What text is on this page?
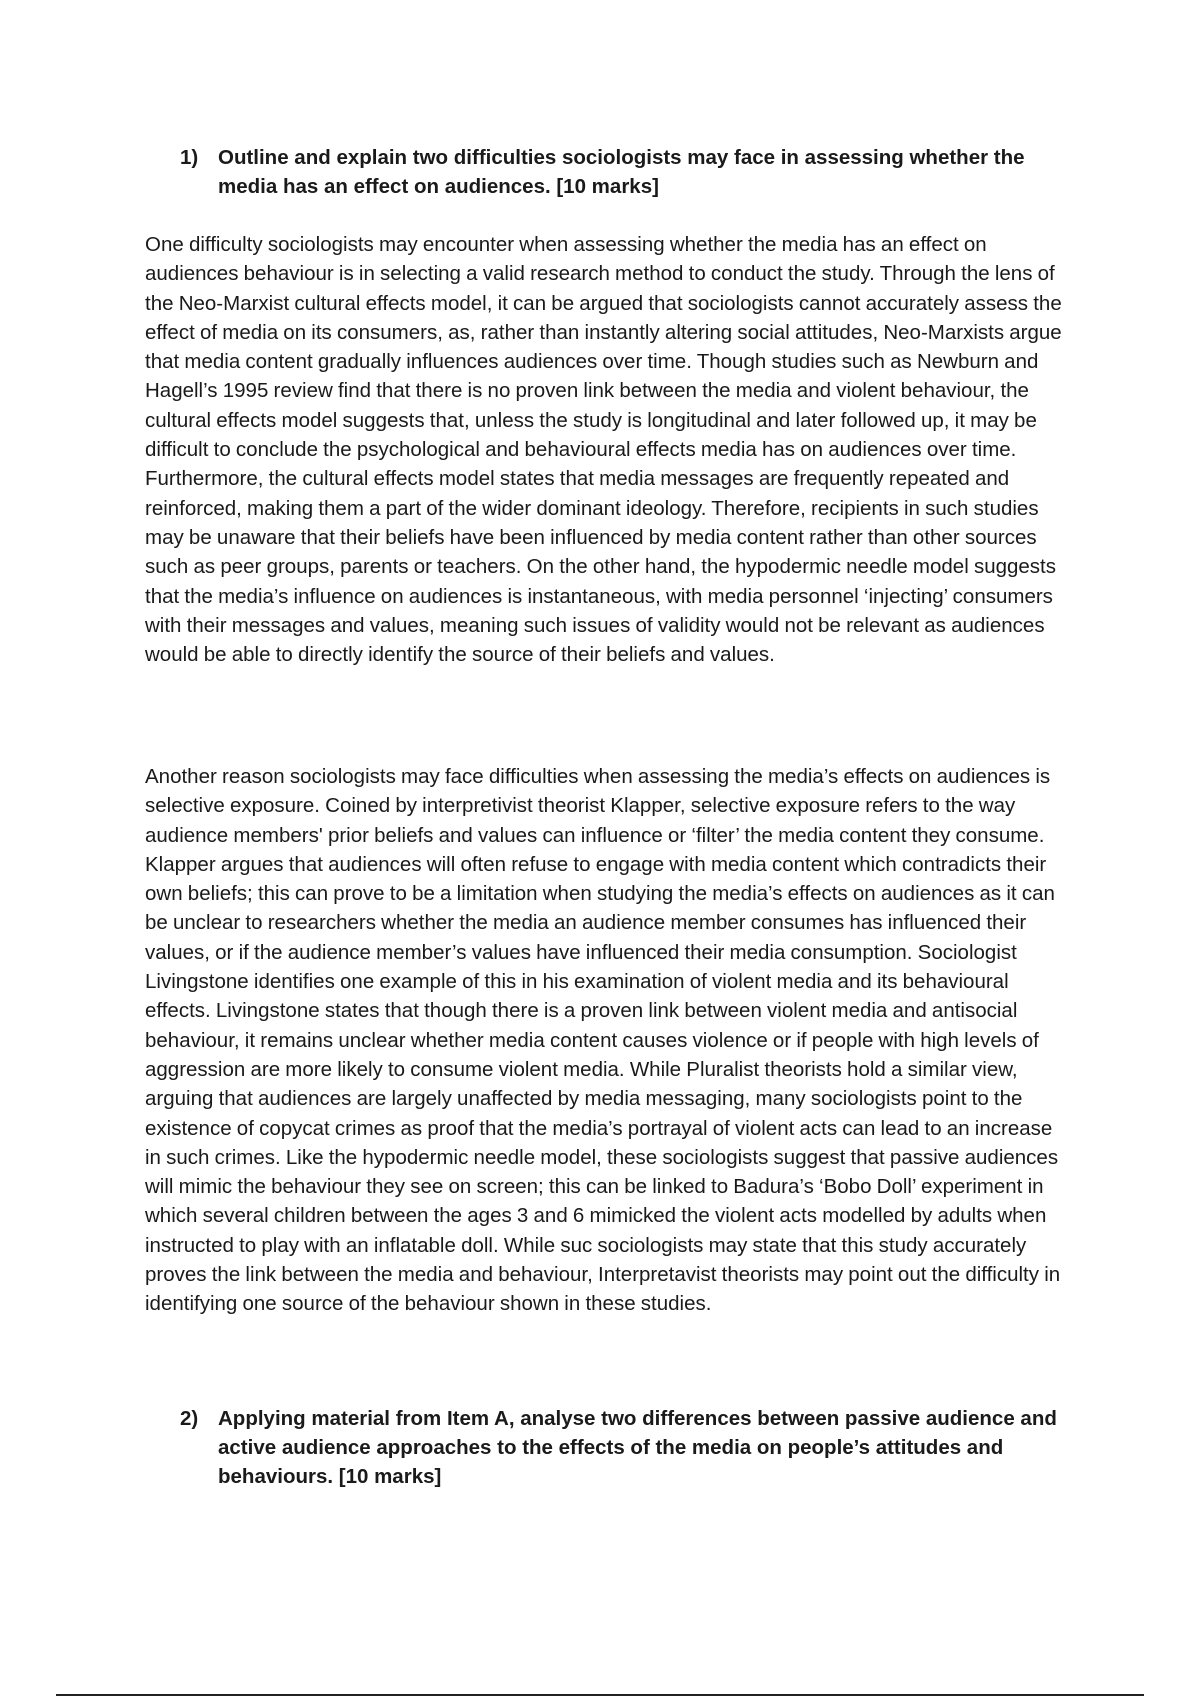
1) Outline and explain two difficulties sociologists may face in assessing whether the media has an effect on audiences. [10 marks]

One difficulty sociologists may encounter when assessing whether the media has an effect on audiences behaviour is in selecting a valid research method to conduct the study. Through the lens of the Neo-Marxist cultural effects model, it can be argued that sociologists cannot accurately assess the effect of media on its consumers, as, rather than instantly altering social attitudes, Neo-Marxists argue that media content gradually influences audiences over time. Though studies such as Newburn and Hagell’s 1995 review find that there is no proven link between the media and violent behaviour, the cultural effects model suggests that, unless the study is longitudinal and later followed up, it may be difficult to conclude the psychological and behavioural effects media has on audiences over time. Furthermore, the cultural effects model states that media messages are frequently repeated and reinforced, making them a part of the wider dominant ideology. Therefore, recipients in such studies may be unaware that their beliefs have been influenced by media content rather than other sources such as peer groups, parents or teachers. On the other hand, the hypodermic needle model suggests that the media’s influence on audiences is instantaneous, with media personnel ‘injecting’ consumers with their messages and values, meaning such issues of validity would not be relevant as audiences would be able to directly identify the source of their beliefs and values.

Another reason sociologists may face difficulties when assessing the media’s effects on audiences is selective exposure. Coined by interpretivist theorist Klapper, selective exposure refers to the way audience members' prior beliefs and values can influence or ‘filter’ the media content they consume. Klapper argues that audiences will often refuse to engage with media content which contradicts their own beliefs; this can prove to be a limitation when studying the media’s effects on audiences as it can be unclear to researchers whether the media an audience member consumes has influenced their values, or if the audience member’s values have influenced their media consumption. Sociologist Livingstone identifies one example of this in his examination of violent media and its behavioural effects. Livingstone states that though there is a proven link between violent media and antisocial behaviour, it remains unclear whether media content causes violence or if people with high levels of aggression are more likely to consume violent media. While Pluralist theorists hold a similar view, arguing that audiences are largely unaffected by media messaging, many sociologists point to the existence of copycat crimes as proof that the media’s portrayal of violent acts can lead to an increase in such crimes. Like the hypodermic needle model, these sociologists suggest that passive audiences will mimic the behaviour they see on screen; this can be linked to Badura’s ‘Bobo Doll’ experiment in which several children between the ages 3 and 6 mimicked the violent acts modelled by adults when instructed to play with an inflatable doll. While suc sociologists may state that this study accurately proves the link between the media and behaviour, Interpretavist theorists may point out the difficulty in identifying one source of the behaviour shown in these studies.

2) Applying material from Item A, analyse two differences between passive audience and active audience approaches to the effects of the media on people’s attitudes and behaviours. [10 marks]
